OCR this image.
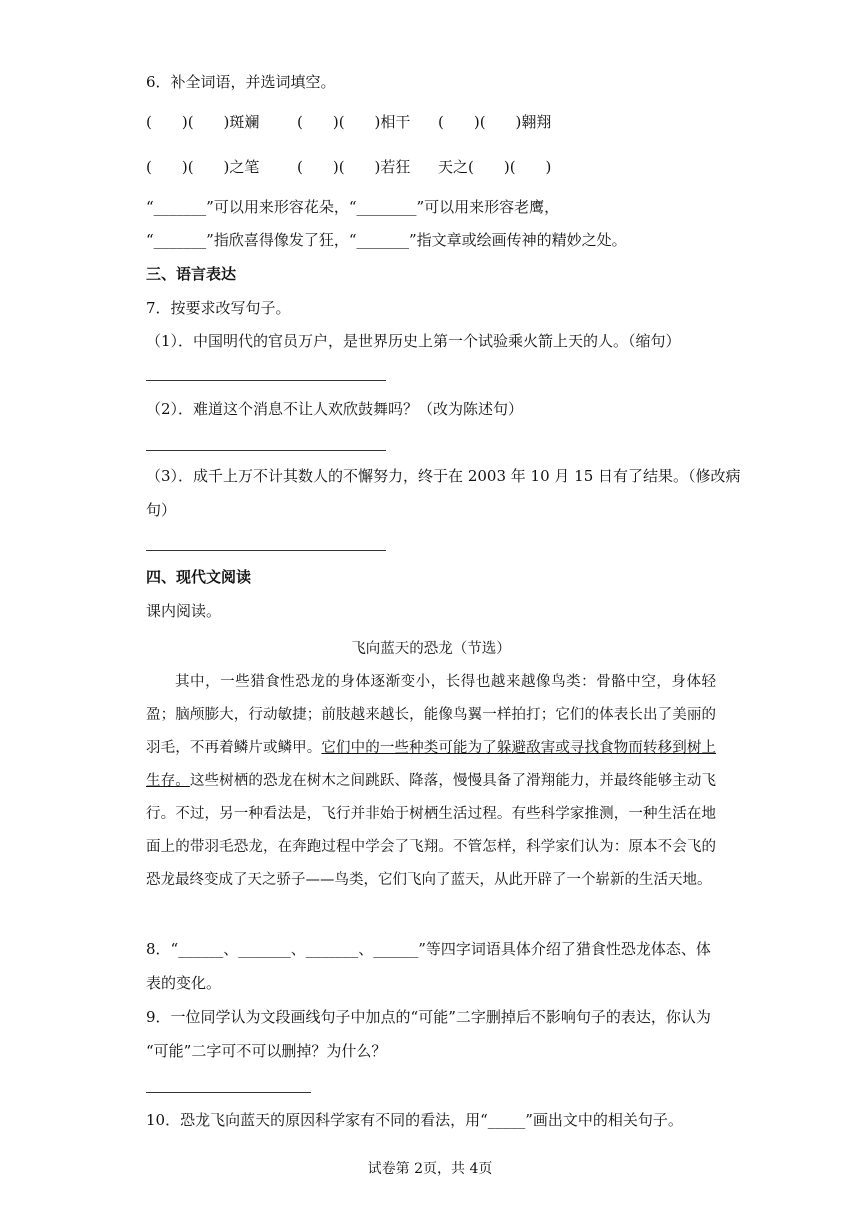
6．补全词语，并选词填空。
(　　)(　　)斑斓	(　　)(　　)相干 (　　)(　　)翱翔
(　　)(　　)之笔	(　　)(　　)若狂 天之(　　)(　　)
“_______”可以用来形容花朵，“________”可以用来形容老鹰，
“_______”指欣喜得像发了狂，“_______”指文章或绘画传神的精妙之处。
三、语言表达
7．按要求改写句子。
（1）．中国明代的官员万户，是世界历史上第一个试验乘火箭上天的人。（缩句）
（2）．难道这个消息不让人欢欣鼓舞吗？（改为陈述句）
（3）．成千上万不计其数人的不懈努力，终于在 2003 年 10 月 15 日有了结果。（修改病
句）
四、现代文阅读
课内阅读。
飞向蓝天的恐龙（节选）
其中，一些猎食性恐龙的身体逐渐变小，长得也越来越像鸟类：骨骼中空，身体轻盈；脑颅膨大，行动敏捷；前肢越来越长，能像鸟翼一样拍打；它们的体表长出了美丽的羽毛，不再着鳞片或鳞甲。它们中的一些种类可能为了躲避敌害或寻找食物而转移到树上生存。这些树栖的恐龙在树木之间跳跃、降落，慢慢具备了滑翔能力，并最终能够主动飞行。不过，另一种看法是，飞行并非始于树栖生活过程。有些科学家推测，一种生活在地面上的带羽毛恐龙，在奔跑过程中学会了飞翔。不管怎样，科学家们认为：原本不会飞的恐龙最终变成了天之骄子——鸟类，它们飞向了蓝天，从此开辟了一个崭新的生活天地。
8．“______、_______、_______、______”等四字词语具体介绍了猎食性恐龙体态、体
表的变化。
9．一位同学认为文段画线句子中加点的“可能”二字删掉后不影响句子的表达，你认为
“可能”二字可不可以删掉？为什么？
10．恐龙飞向蓝天的原因科学家有不同的看法，用“_____”画出文中的相关句子。
试卷第 2页，共 4页
